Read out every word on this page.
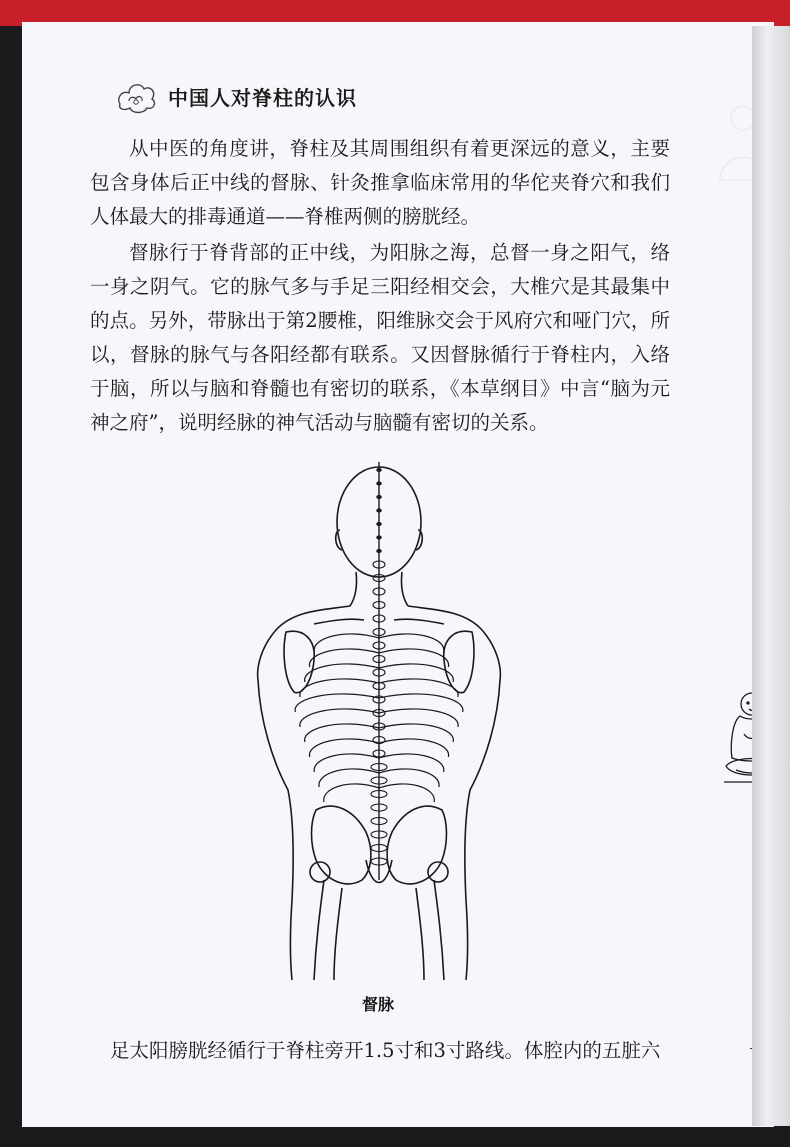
中国人对脊柱的认识

从中医的角度讲，脊柱及其周围组织有着更深远的意义，主要包含身体后正中线的督脉、针灸推拿临床常用的华佗夹脊穴和我们人体最大的排毒通道——脊椎两侧的膀胱经。

督脉行于脊背部的正中线，为阳脉之海，总督一身之阳气，络一身之阴气。它的脉气多与手足三阳经相交会，大椎穴是其最集中的点。另外，带脉出于第2腰椎，阳维脉交会于风府穴和哑门穴，所以，督脉的脉气与各阳经都有联系。又因督脉循行于脊柱内，入络于脑，所以与脑和脊髓也有密切的联系，《本草纲目》中言“脑为元神之府”，说明经脉的神气活动与脑髓有密切的关系。

督脉

足太阳膀胱经循行于脊柱旁开1.5寸和3寸路线。体腔内的五脏六
